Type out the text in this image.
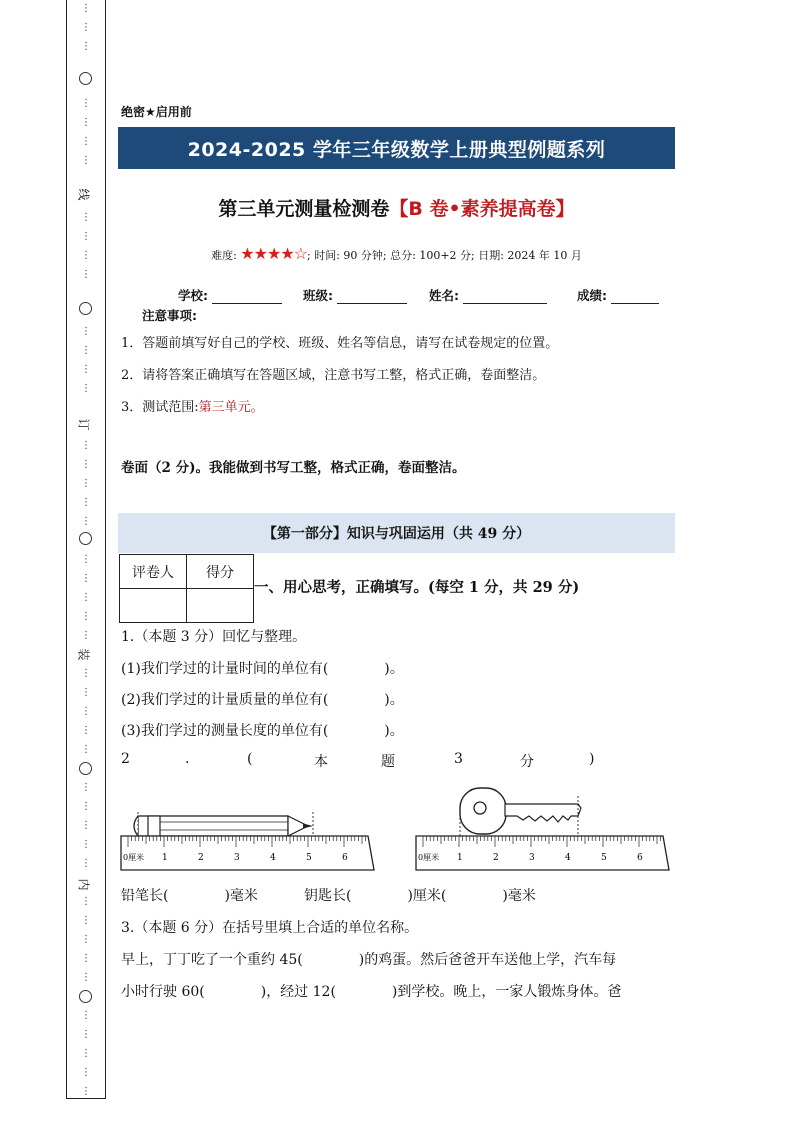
⋮
⋮
⋮
⋮
⋮
⋮
⋮
⋮
⋮
⋮
⋮
⋮
⋮
⋮
⋮
⋮
⋮
⋮
⋮
⋮
⋮
⋮
⋮
⋮
⋮
⋮
⋮
⋮
⋮
⋮
⋮
⋮
⋮
⋮
⋮
⋮
⋮
⋮
⋮
⋮
⋮
⋮
⋮
⋮
⋮
线
订
装
内
绝密★启用前
2024-2025 学年三年级数学上册典型例题系列
第三单元测量检测卷【B 卷•素养提高卷】
难度: ★★★★☆; 时间: 90 分钟; 总分: 100+2 分; 日期: 2024 年 10 月
学校:	班级:	姓名:	成绩:
注意事项:
1．答题前填写好自己的学校、班级、姓名等信息，请写在试卷规定的位置。
2．请将答案正确填写在答题区域，注意书写工整，格式正确，卷面整洁。
3．测试范围:第三单元。
卷面（2 分)。我能做到书写工整，格式正确，卷面整洁。
【第一部分】知识与巩固运用（共 49 分）
评卷人	得分

一、用心思考，正确填写。(每空 1 分，共 29 分)
1.（本题 3 分）回忆与整理。
(1)我们学过的计量时间的单位有(　　　　)。
(2)我们学过的计量质量的单位有(　　　　)。
(3)我们学过的测量长度的单位有(　　　　)。
2	.	(	本	题	3	分	)
0厘米 1	2	3	4	5	6	0厘米 1	2	3	4	5	6
铅笔长(　　　　)毫米	钥匙长(　　　　)厘米(　　　　)毫米
3.（本题 6 分）在括号里填上合适的单位名称。
早上，丁丁吃了一个重约 45(　　　　)的鸡蛋。然后爸爸开车送他上学，汽车每
小时行驶 60(　　　　)，经过 12(　　　　)到学校。晚上，一家人锻炼身体。爸
